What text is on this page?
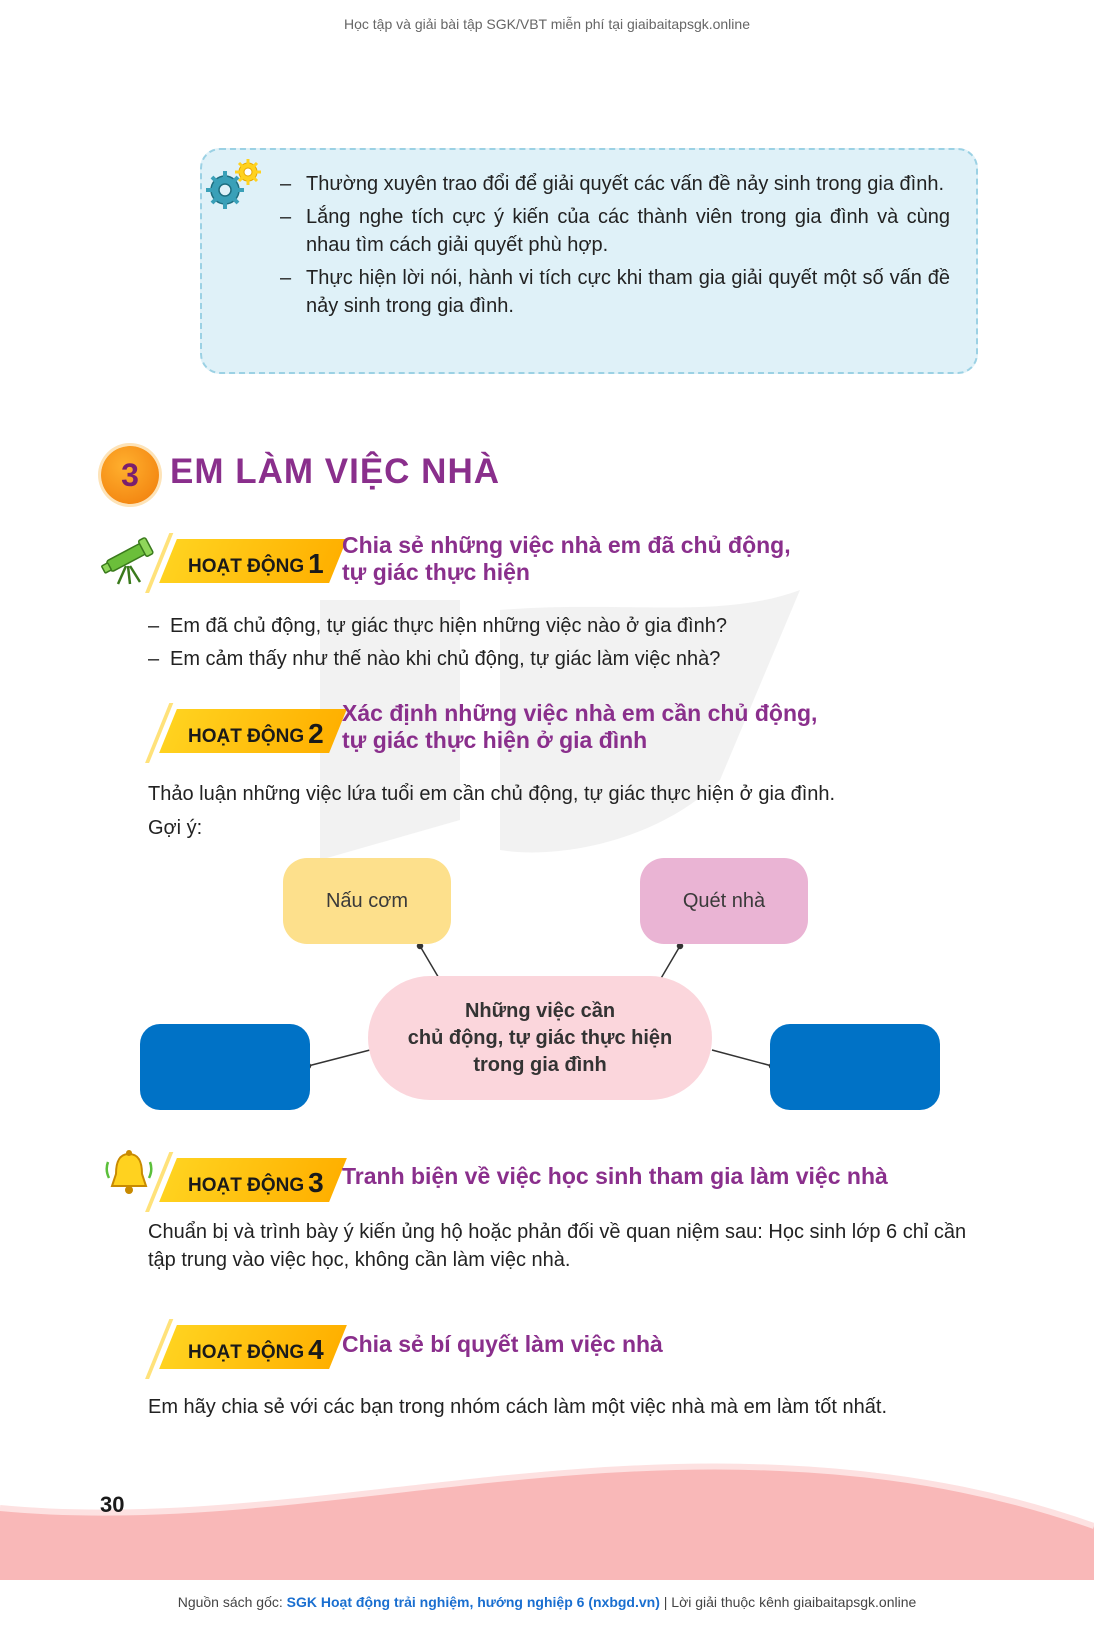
Học tập và giải bài tập SGK/VBT miễn phí tại giaibaitapsgk.online
– Thường xuyên trao đổi để giải quyết các vấn đề nảy sinh trong gia đình.
– Lắng nghe tích cực ý kiến của các thành viên trong gia đình và cùng nhau tìm cách giải quyết phù hợp.
– Thực hiện lời nói, hành vi tích cực khi tham gia giải quyết một số vấn đề nảy sinh trong gia đình.
3 EM LÀM VIỆC NHÀ
HOẠT ĐỘNG 1
Chia sẻ những việc nhà em đã chủ động,
tự giác thực hiện
– Em đã chủ động, tự giác thực hiện những việc nào ở gia đình?
– Em cảm thấy như thế nào khi chủ động, tự giác làm việc nhà?
HOẠT ĐỘNG 2
Xác định những việc nhà em cần chủ động,
tự giác thực hiện ở gia đình
Thảo luận những việc lứa tuổi em cần chủ động, tự giác thực hiện ở gia đình.
Gợi ý:
Nấu cơm	Quét nhà
Những việc cần
chủ động, tự giác thực hiện
trong gia đình
HOẠT ĐỘNG 3 Tranh biện về việc học sinh tham gia làm việc nhà
Chuẩn bị và trình bày ý kiến ủng hộ hoặc phản đối về quan niệm sau: Học sinh lớp 6 chỉ cần tập trung vào việc học, không cần làm việc nhà.
HOẠT ĐỘNG 4 Chia sẻ bí quyết làm việc nhà
Em hãy chia sẻ với các bạn trong nhóm cách làm một việc nhà mà em làm tốt nhất.
30
Nguồn sách gốc: SGK Hoạt động trải nghiệm, hướng nghiệp 6 (nxbgd.vn) | Lời giải thuộc kênh giaibaitapsgk.online
